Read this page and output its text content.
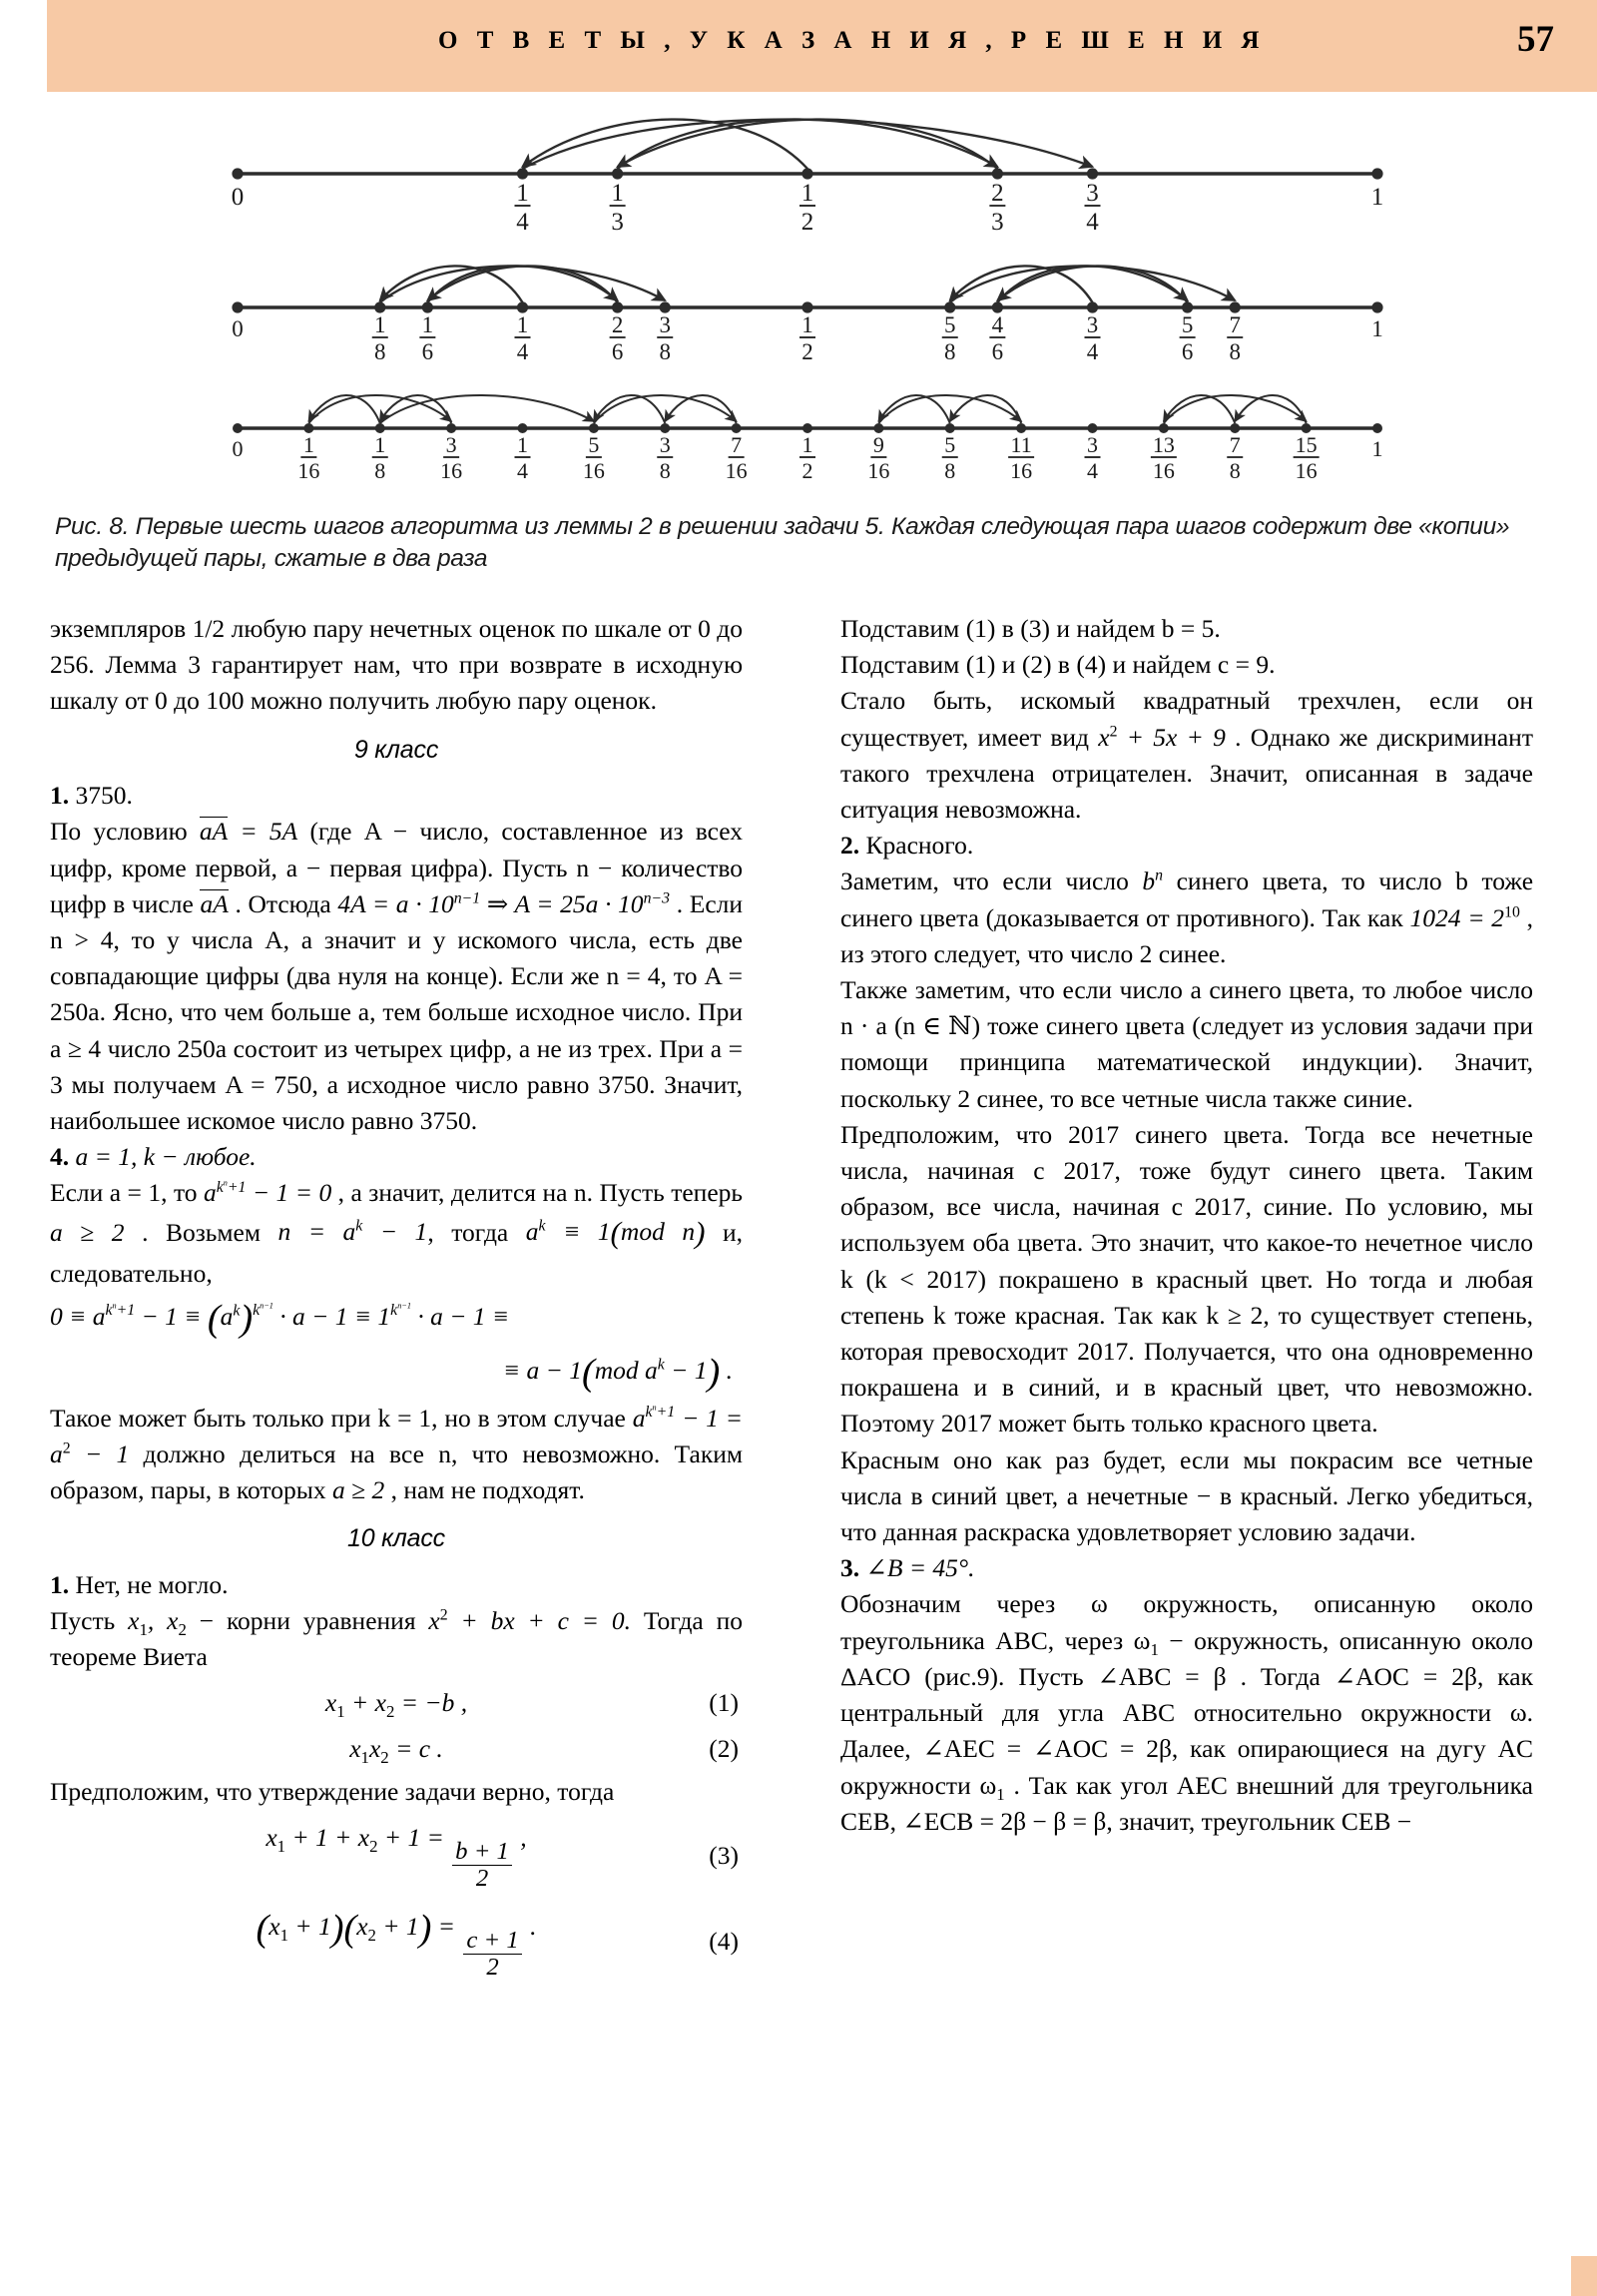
О Т В Е Т Ы , У К А З А Н И Я , Р Е Ш Е Н И Я	57
0	1
4
1
3
1
2
2
3
3
4
1
0	1
8
1
6
1
4
2
6
3
8
1
2
5
8
4
6
3
4
5
6
7
8
1
0	1
16
1
8
3
16
1
4
5
16
3
8
7
16
1
2
9
16
5
8
11
16
3
4
13
16
7
8
15
16
1
Рис. 8. Первые шесть шагов алгоритма из леммы 2 в решении задачи 5. Каждая следующая пара шагов содержит две «копии» предыдущей пары, сжатые в два раза

экземпляров 1/2 любую пару нечетных оценок по шкале от 0 до 256. Лемма 3 гарантирует нам, что при возврате в исходную шкалу от 0 до 100 можно получить любую пару оценок.

9 класс

1. 3750.

По условию aA = 5A (где A − число, составленное из всех цифр, кроме первой, a − первая цифра). Пусть n − количество цифр в числе aA . Отсюда $4A = a \cdot 10^{n-1}$ ⇒ $A = 25a \cdot 10^{n-3}$ . Если n > 4, то у числа A, а значит и у искомого числа, есть две совпадающие цифры (два нуля на конце). Если же n = 4, то A = 250a. Ясно, что чем больше a, тем больше исходное число. При a ≥ 4 число 250a состоит из четырех цифр, а не из трех. При a = 3 мы получаем A = 750, а исходное число равно 3750. Значит, наибольшее искомое число равно 3750.

4. a = 1, k − любое.

Если a = 1, то $a^{k^n+1} - 1 = 0$ , а значит, делится на n. Пусть теперь a ≥ 2 . Возьмем $n = a^k - 1$, тогда $a^k \equiv 1(mod$ n) и, следовательно,

$0 \equiv a^{k^n+1} - 1 \equiv (a^k)^{k^{n-1}} \cdot a - 1 \equiv 1^{k^{n-1}} \cdot a - 1$ ≡

≡ a − 1(mod $a^k - 1$) .

Такое может быть только при k = 1, но в этом случае $a^{k^n+1} - 1 = a^2 - 1$ должно делиться на все n, что невозможно. Таким образом, пары, в которых a ≥ 2 , нам не подходят.

10 класс

1. Нет, не могло.

Пусть $x_1$, $x_2$ − корни уравнения $x^2$ + bx + c = 0. Тогда по теореме Виета

$x_1 + x_2 = -b$ ,	(1)
$x_1x_2 = c$ .	(2)

Предположим, что утверждение задачи верно, тогда

$x_1 + 1 + x_2 + 1$ =
$\frac{b + 1}{2}$
,
(3)
$(x_1 + 1)(x_2 + 1)$ =
$\frac{c + 1}{2}$
.
(4)

Подставим (1) в (3) и найдем b = 5.

Подставим (1) и (2) в (4) и найдем c = 9.

Стало быть, искомый квадратный трехчлен, если он существует, имеет вид $x^2 + 5x + 9$ . Однако же дискриминант такого трехчлена отрицателен. Значит, описанная в задаче ситуация невозможна.

2. Красного.

Заметим, что если число $b^n$ синего цвета, то число b тоже синего цвета (доказывается от противного). Так как $1024 = 2^{10}$ , из этого следует, что число 2 синее.

Также заметим, что если число a синего цвета, то любое число n · a (n ∈ ℕ) тоже синего цвета (следует из условия задачи при помощи принципа математической индукции). Значит, поскольку 2 синее, то все четные числа также синие.

Предположим, что 2017 синего цвета. Тогда все нечетные числа, начиная с 2017, тоже будут синего цвета. Таким образом, все числа, начиная с 2017, синие. По условию, мы используем оба цвета. Это значит, что какое-то нечетное число k (k < 2017) покрашено в красный цвет. Но тогда и любая степень k тоже красная. Так как k ≥ 2, то существует степень, которая превосходит 2017. Получается, что она одновременно покрашена и в синий, и в красный цвет, что невозможно. Поэтому 2017 может быть только красного цвета.

Красным оно как раз будет, если мы покрасим все четные числа в синий цвет, а нечетные − в красный. Легко убедиться, что данная раскраска удовлетворяет условию задачи.

3. ∠B = 45°.

Обозначим через ω окружность, описанную около треугольника ABC, через $\omega_1$ − окружность, описанную около ΔACO (рис.9). Пусть ∠ABC = β . Тогда ∠AOC = 2β, как центральный для угла ABC относительно окружности ω. Далее, ∠AEC = ∠AOC = 2β, как опирающиеся на дугу AC окружности $\omega_1$ . Так как угол AEC внешний для треугольника CEB, ∠ECB = 2β − β = β, значит, треугольник CEB −
